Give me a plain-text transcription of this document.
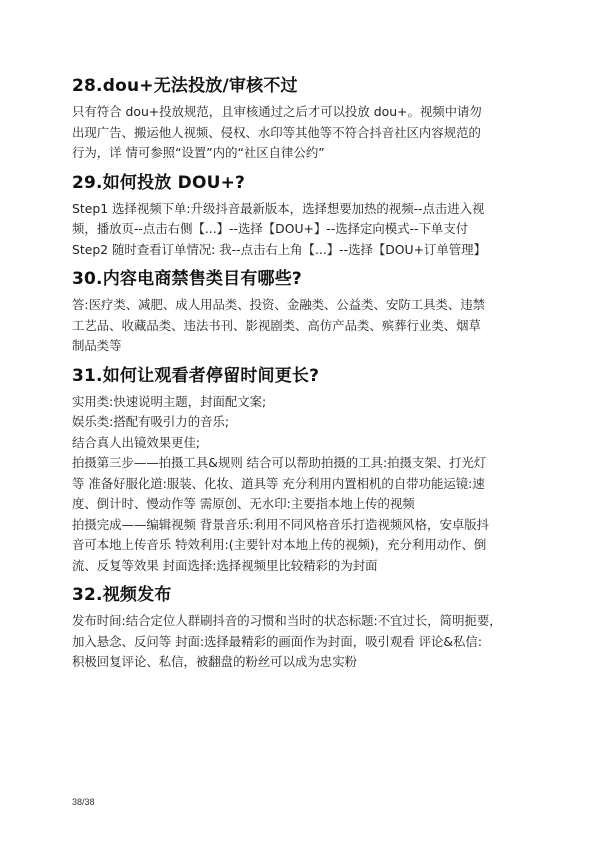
28.dou+无法投放/审核不过

只有符合 dou+投放规范，且审核通过之后才可以投放 dou+。视频中请勿

出现广告、搬运他人视频、侵权、水印等其他等不符合抖音社区内容规范的

行为，详 情可参照“设置”内的“社区自律公约”

29.如何投放 DOU+?

Step1 选择视频下单:升级抖音最新版本，选择想要加热的视频--点击进入视

频，播放页--点击右侧【...】--选择【DOU+】--选择定向模式--下单支付

Step2 随时查看订单情况: 我--点击右上角【...】--选择【DOU+订单管理】

30.内容电商禁售类目有哪些?

答:医疗类、减肥、成人用品类、投资、金融类、公益类、安防工具类、违禁

工艺品、收藏品类、违法书刊、影视剧类、高仿产品类、殡葬行业类、烟草

制品类等

31.如何让观看者停留时间更长?

实用类:快速说明主题，封面配文案;

娱乐类:搭配有吸引力的音乐;

结合真人出镜效果更佳;

拍摄第三步——拍摄工具&规则 结合可以帮助拍摄的工具:拍摄支架、打光灯

等 准备好服化道:服装、化妆、道具等 充分利用内置相机的自带功能运镜:速

度、倒计时、慢动作等 需原创、无水印:主要指本地上传的视频

拍摄完成——编辑视频 背景音乐:利用不同风格音乐打造视频风格，安卓版抖

音可本地上传音乐 特效利用:(主要针对本地上传的视频)，充分利用动作、倒

流、反复等效果 封面选择:选择视频里比较精彩的为封面

32.视频发布

发布时间:结合定位人群刷抖音的习惯和当时的状态标题:不宜过长，简明扼要，

加入悬念、反问等 封面:选择最精彩的画面作为封面，吸引观看 评论&私信:

积极回复评论、私信，被翻盘的粉丝可以成为忠实粉

38/38
